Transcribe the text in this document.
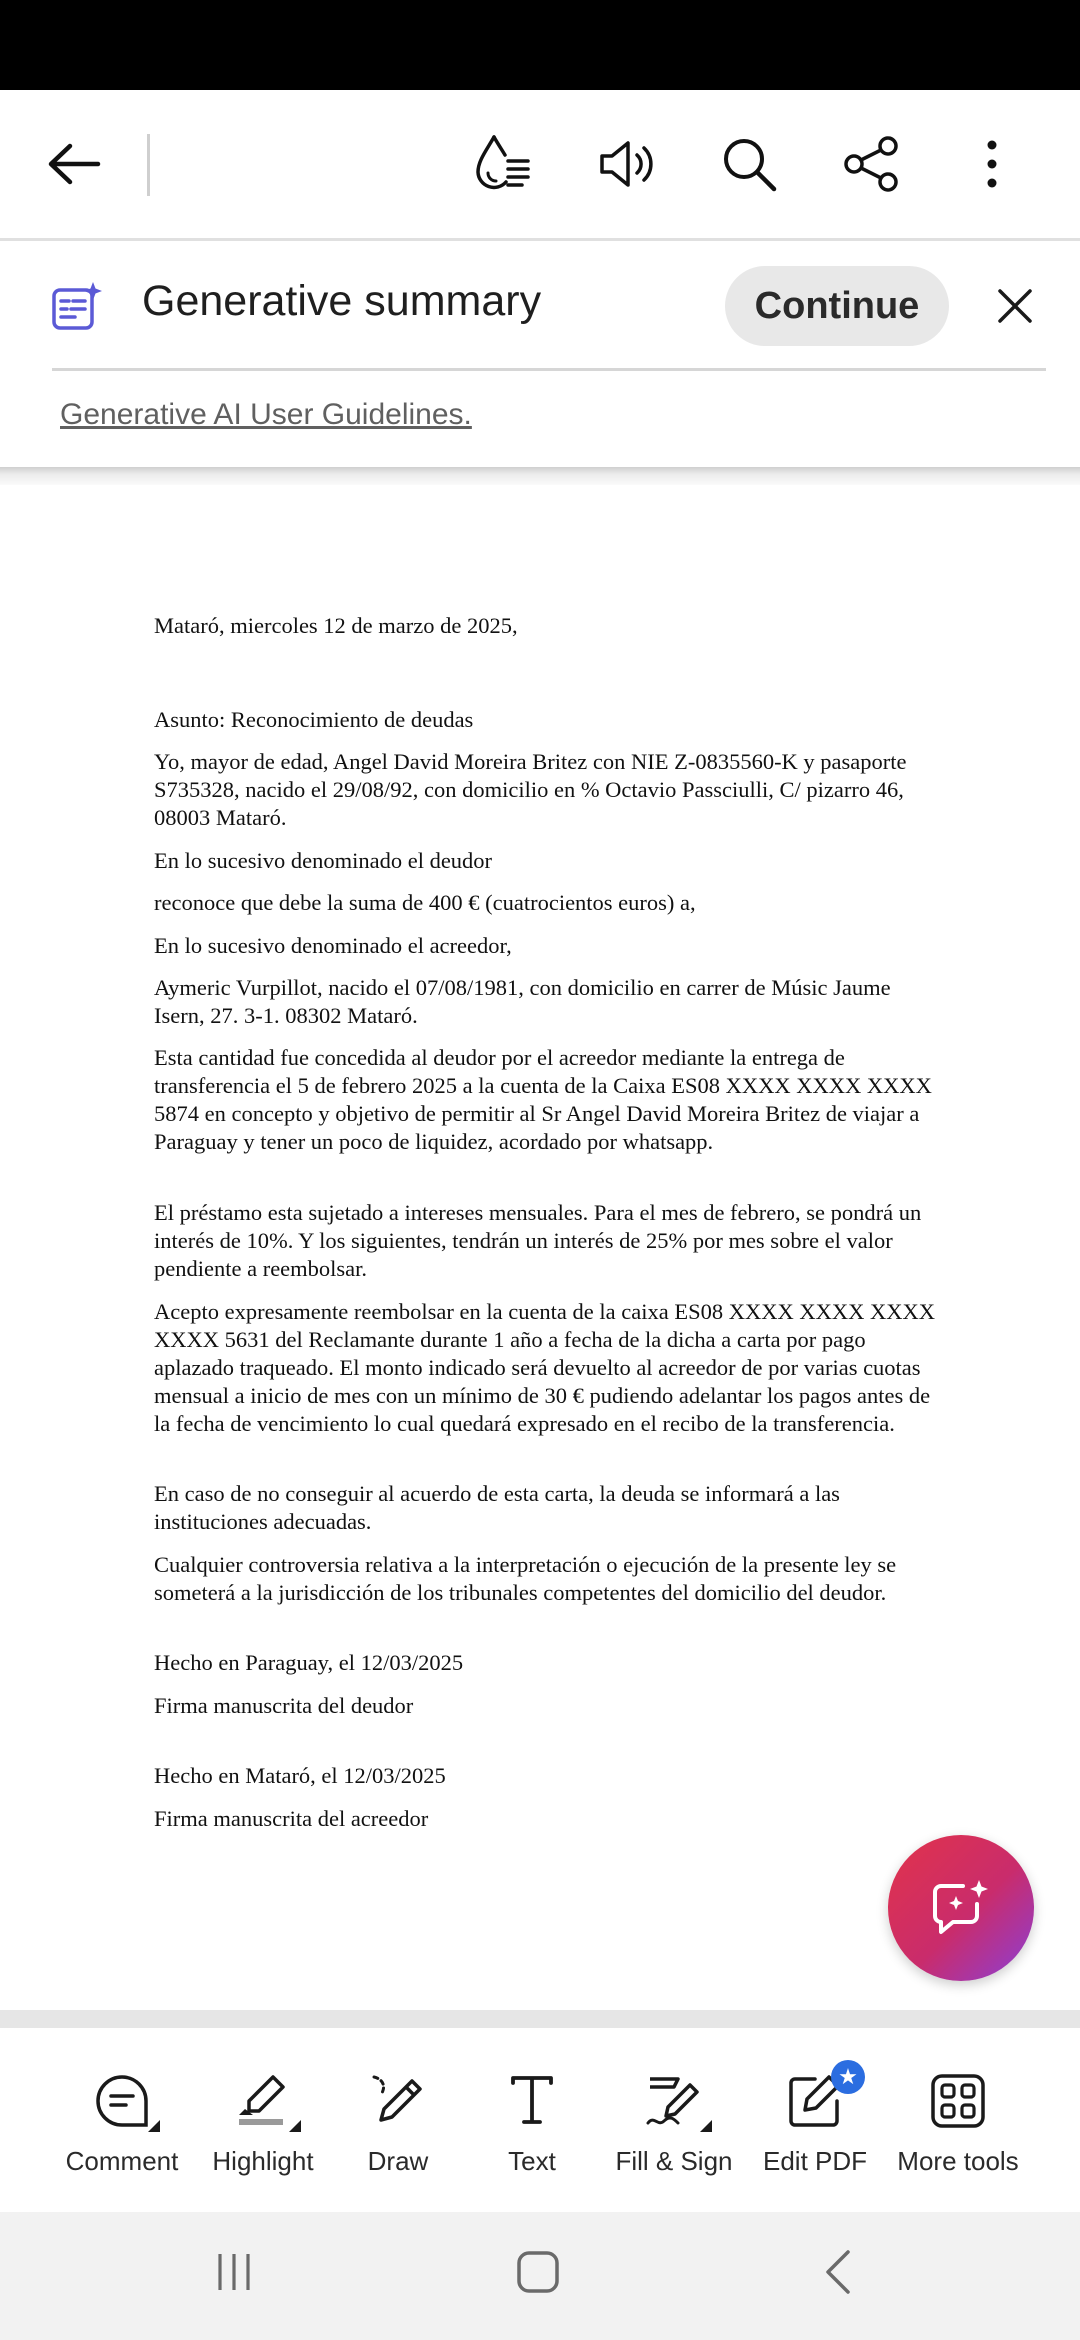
Generative summary	Continue
Generative AI User Guidelines.
Mataró, miercoles 12 de marzo de 2025,
Asunto: Reconocimiento de deudas
Yo, mayor de edad, Angel David Moreira Britez con NIE Z-0835560-K y pasaporte S735328, nacido el 29/08/92, con domicilio en % Octavio Passciulli, C/ pizarro 46, 08003 Mataró.
En lo sucesivo denominado el deudor
reconoce que debe la suma de 400 € (cuatrocientos euros) a,
En lo sucesivo denominado el acreedor,
Aymeric Vurpillot, nacido el 07/08/1981, con domicilio en carrer de Músic Jaume Isern, 27. 3-1. 08302 Mataró.
Esta cantidad fue concedida al deudor por el acreedor mediante la entrega de transferencia el 5 de febrero 2025 a la cuenta de la Caixa ES08 XXXX XXXX XXXX 5874 en concepto y objetivo de permitir al Sr Angel David Moreira Britez de viajar a Paraguay y tener un poco de liquidez, acordado por whatsapp.
El préstamo esta sujetado a intereses mensuales. Para el mes de febrero, se pondrá un interés de 10%. Y los siguientes, tendrán un interés de 25% por mes sobre el valor pendiente a reembolsar.
Acepto expresamente reembolsar en la cuenta de la caixa ES08 XXXX XXXX XXXX XXXX 5631 del Reclamante durante 1 año a fecha de la dicha a carta por pago aplazado traqueado. El monto indicado será devuelto al acreedor de por varias cuotas mensual a inicio de mes con un mínimo de 30 € pudiendo adelantar los pagos antes de la fecha de vencimiento lo cual quedará expresado en el recibo de la transferencia.
En caso de no conseguir al acuerdo de esta carta, la deuda se informará a las instituciones adecuadas.
Cualquier controversia relativa a la interpretación o ejecución de la presente ley se someterá a la jurisdicción de los tribunales competentes del domicilio del deudor.
Hecho en Paraguay, el 12/03/2025
Firma manuscrita del deudor
Hecho en Mataró, el 12/03/2025
Firma manuscrita del acreedor
Comment Highlight Draw	Text Fill & Sign
★
Edit PDF More tools
